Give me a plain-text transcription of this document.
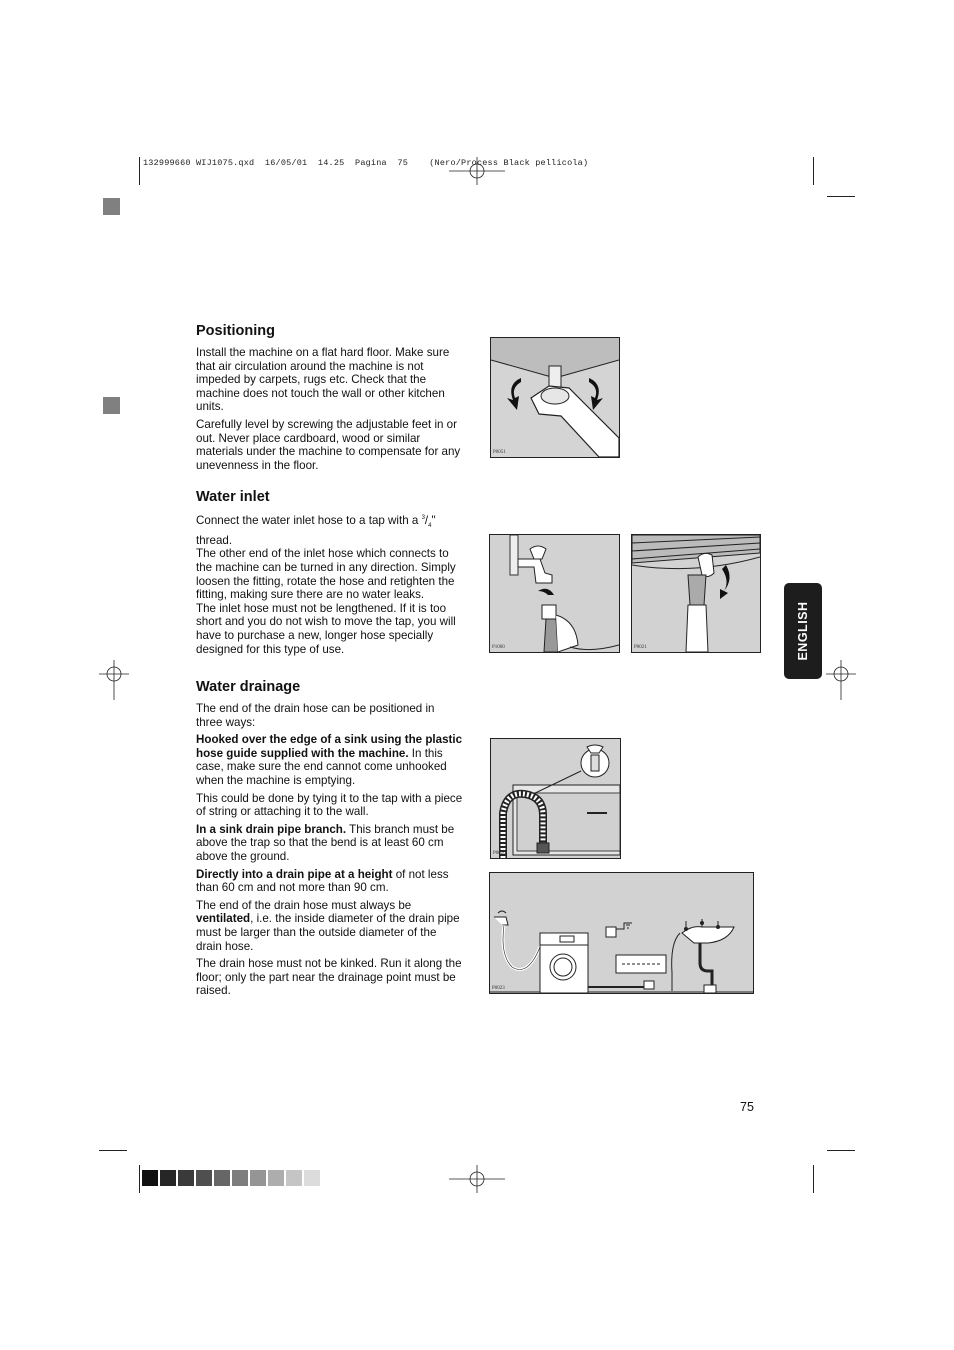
132999660 WIJ1075.qxd  16/05/01  14.25  Pagina  75    (Nero/Process Black pellicola)
Positioning

Install the machine on a flat hard floor. Make sure that air circulation around the machine is not impeded by carpets, rugs etc. Check that the machine does not touch the wall or other kitchen units.

Carefully level by screwing the adjustable feet in or out. Never place cardboard, wood or similar materials under the machine to compensate for any unevenness in the floor.

Water inlet

Connect the water inlet hose to a tap with a $^3/_4$" thread.

The other end of the inlet hose which connects to the machine can be turned in any direction. Simply loosen the fitting, rotate the hose and retighten the fitting, making sure there are no water leaks.

The inlet hose must not be lengthened. If it is too short and you do not wish to move the tap, you will have to purchase a new, longer hose specially designed for this type of use.

Water drainage

The end of the drain hose can be positioned in three ways:

Hooked over the edge of a sink using the plastic hose guide supplied with the machine. In this case, make sure the end cannot come unhooked when the machine is emptying.

This could be done by tying it to the tap with a piece of string or attaching it to the wall.

In a sink drain pipe branch. This branch must be above the trap so that the bend is at least 60 cm above the ground.

Directly into a drain pipe at a height of not less than 60 cm and not more than 90 cm.

The end of the drain hose must always be ventilated, i.e. the inside diameter of the drain pipe must be larger than the outside diameter of the drain hose.

The drain hose must not be kinked. Run it along the floor; only the part near the drainage point must be raised.

P0051
P1000	P0021
P0020
P0023
ENGLISH
75
